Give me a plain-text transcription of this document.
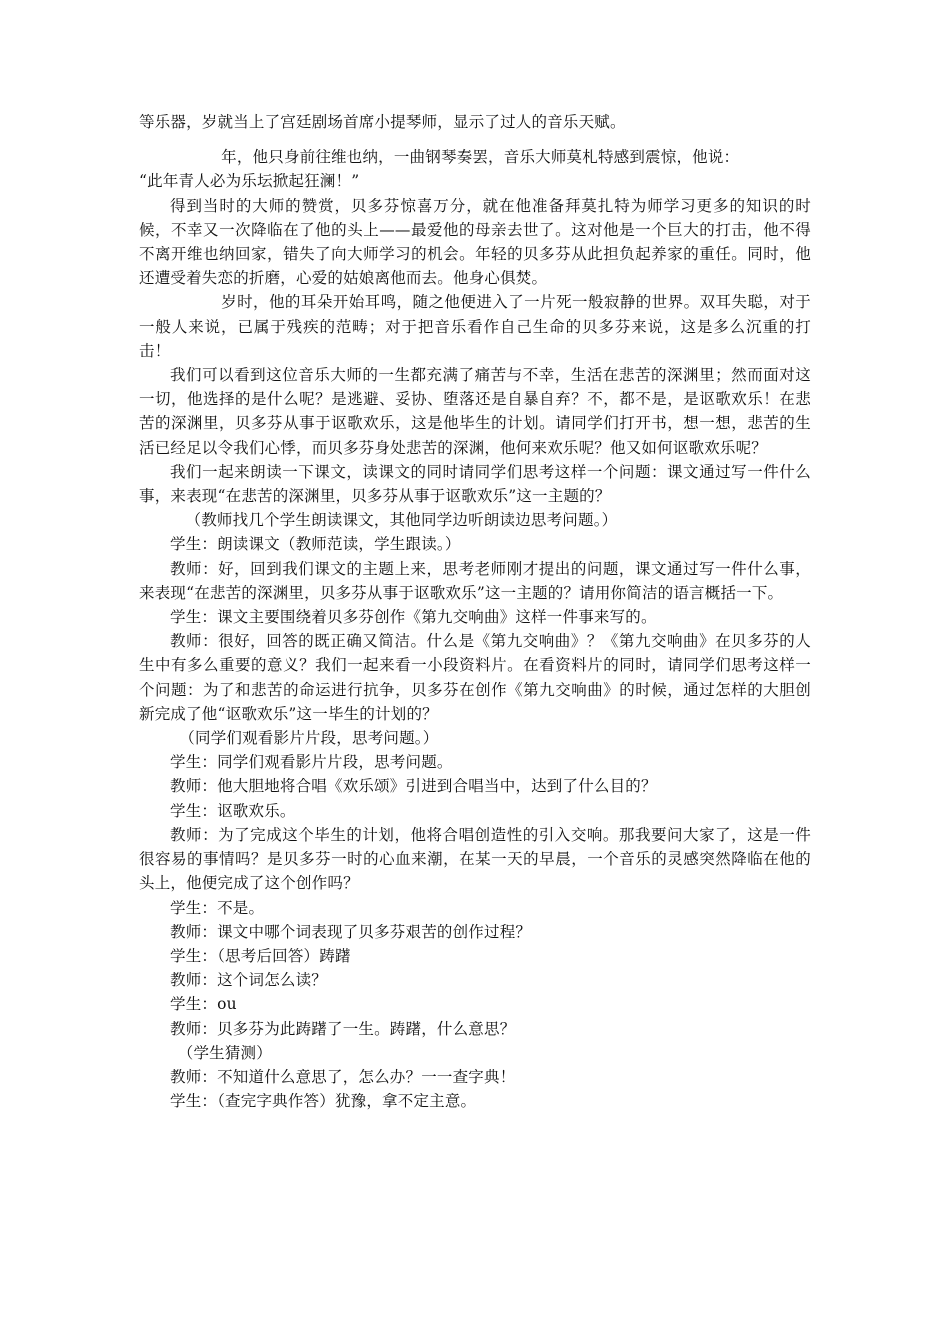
等乐器，岁就当上了宫廷剧场首席小提琴师，显示了过人的音乐天赋。

年，他只身前往维也纳，一曲钢琴奏罢，音乐大师莫札特感到震惊，他说：

“此年青人必为乐坛掀起狂澜！”

得到当时的大师的赞赏，贝多芬惊喜万分，就在他准备拜莫扎特为师学习更多的知识的时候，不幸又一次降临在了他的头上——最爱他的母亲去世了。这对他是一个巨大的打击，他不得不离开维也纳回家，错失了向大师学习的机会。年轻的贝多芬从此担负起养家的重任。同时，他还遭受着失恋的折磨，心爱的姑娘离他而去。他身心俱焚。

岁时，他的耳朵开始耳鸣，随之他便进入了一片死一般寂静的世界。双耳失聪，对于一般人来说，已属于残疾的范畴；对于把音乐看作自己生命的贝多芬来说，这是多么沉重的打击！

我们可以看到这位音乐大师的一生都充满了痛苦与不幸，生活在悲苦的深渊里；然而面对这一切，他选择的是什么呢？是逃避、妥协、堕落还是自暴自弃？不，都不是，是讴歌欢乐！在悲苦的深渊里，贝多芬从事于讴歌欢乐，这是他毕生的计划。请同学们打开书，想一想，悲苦的生活已经足以令我们心悸，而贝多芬身处悲苦的深渊，他何来欢乐呢？他又如何讴歌欢乐呢？

我们一起来朗读一下课文，读课文的同时请同学们思考这样一个问题：课文通过写一件什么事，来表现“在悲苦的深渊里，贝多芬从事于讴歌欢乐”这一主题的？

（教师找几个学生朗读课文，其他同学边听朗读边思考问题。）

学生：朗读课文（教师范读，学生跟读。）

教师：好，回到我们课文的主题上来，思考老师刚才提出的问题，课文通过写一件什么事，来表现“在悲苦的深渊里，贝多芬从事于讴歌欢乐”这一主题的？请用你简洁的语言概括一下。

学生：课文主要围绕着贝多芬创作《第九交响曲》这样一件事来写的。

教师：很好，回答的既正确又简洁。什么是《第九交响曲》？《第九交响曲》在贝多芬的人生中有多么重要的意义？我们一起来看一小段资料片。在看资料片的同时，请同学们思考这样一个问题：为了和悲苦的命运进行抗争，贝多芬在创作《第九交响曲》的时候，通过怎样的大胆创新完成了他“讴歌欢乐”这一毕生的计划的？

（同学们观看影片片段，思考问题。）

学生：同学们观看影片片段，思考问题。

教师：他大胆地将合唱《欢乐颂》引进到合唱当中，达到了什么目的？

学生：讴歌欢乐。

教师：为了完成这个毕生的计划，他将合唱创造性的引入交响。那我要问大家了，这是一件很容易的事情吗？是贝多芬一时的心血来潮，在某一天的早晨，一个音乐的灵感突然降临在他的头上，他便完成了这个创作吗？

学生：不是。

教师：课文中哪个词表现了贝多芬艰苦的创作过程？

学生：（思考后回答）踌躇

教师：这个词怎么读？

学生：ou

教师：贝多芬为此踌躇了一生。踌躇，什么意思？

（学生猜测）

教师：不知道什么意思了，怎么办？一一查字典！

学生：（查完字典作答）犹豫，拿不定主意。
